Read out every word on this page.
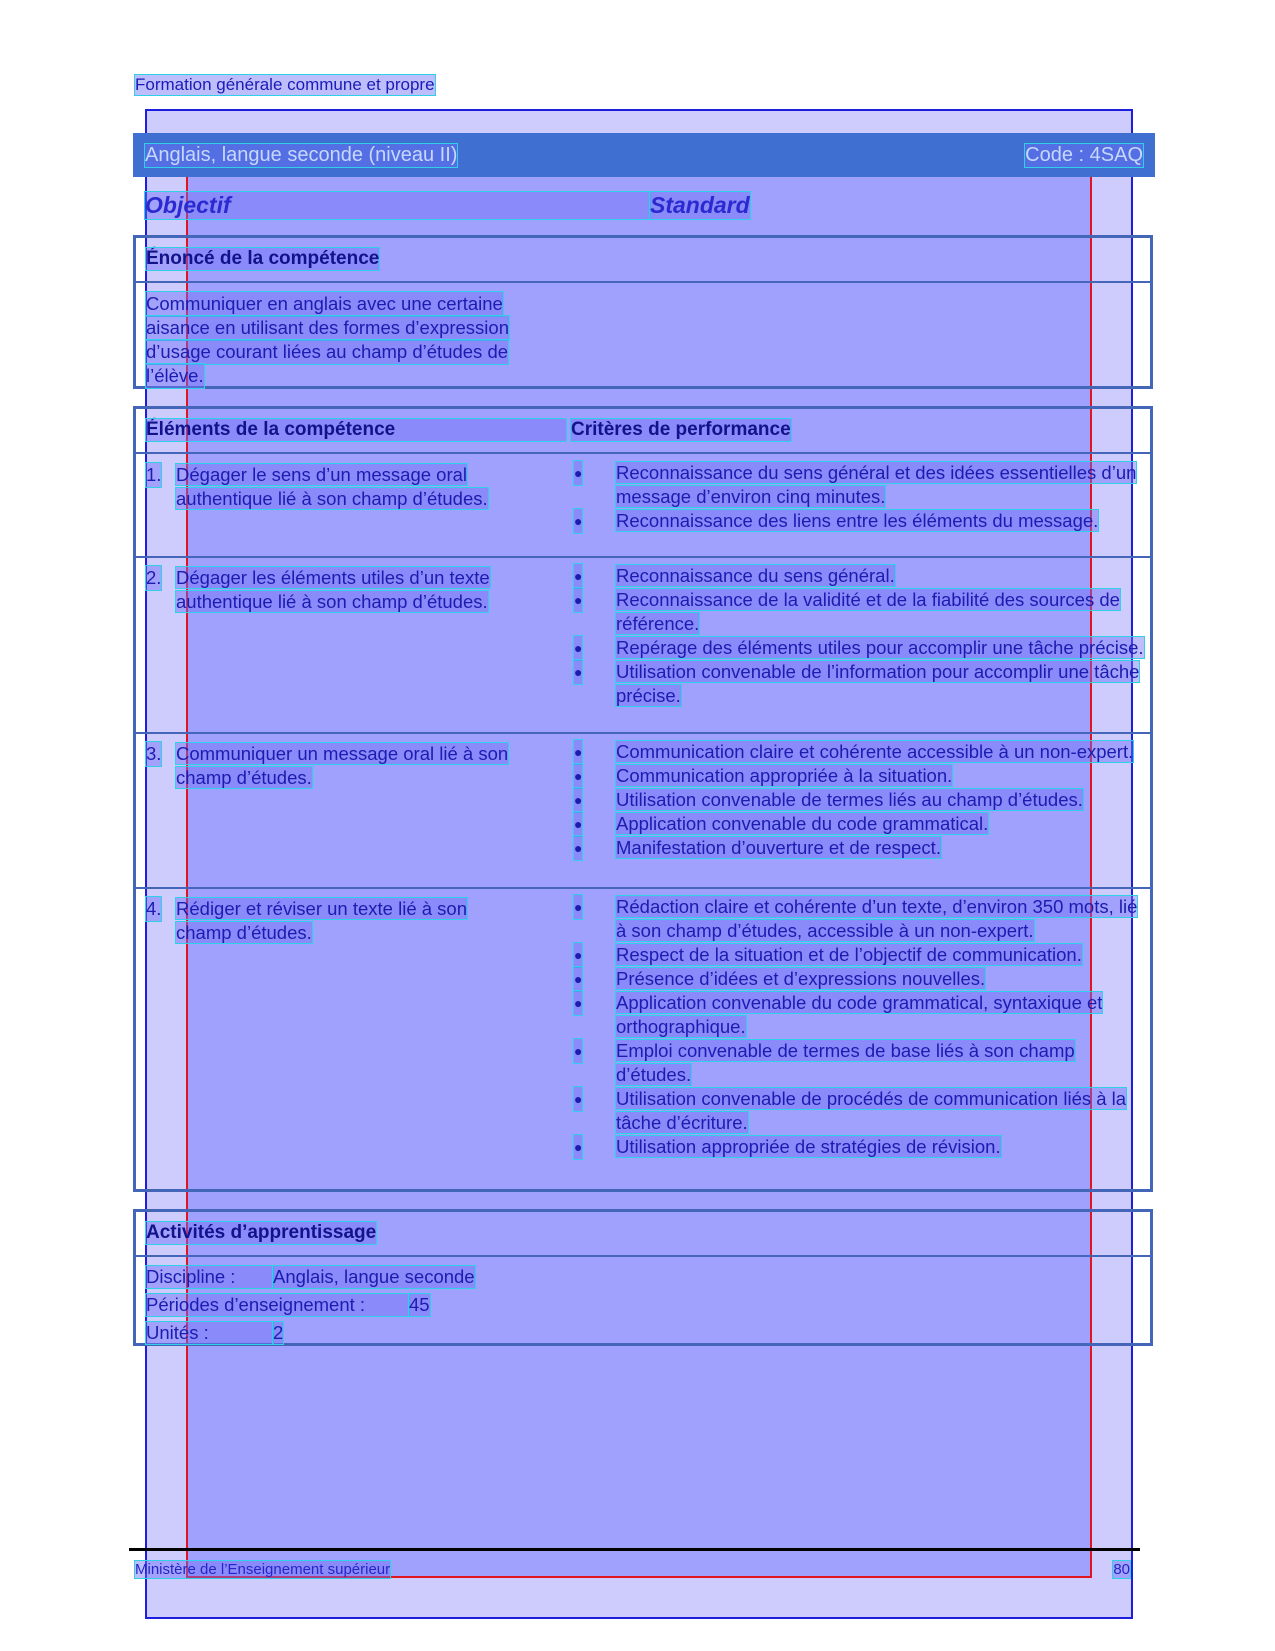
Formation générale commune et propre
Anglais, langue seconde (niveau II)	Code : 4SAQ
Objectif	Standard
Énoncé de la compétence
Communiquer en anglais avec une certaine
aisance en utilisant des formes d’expression
d’usage courant liées au champ d’études de
l’élève.
Éléments de la compétence	Critères de performance
1. Dégager le sens d’un message oral
authentique lié à son champ d’études.
● Reconnaissance du sens général et des idées essentielles d’un message d’environ cinq minutes.
● Reconnaissance des liens entre les éléments du message.
2. Dégager les éléments utiles d’un texte
authentique lié à son champ d’études.
● Reconnaissance du sens général.
● Reconnaissance de la validité et de la fiabilité des sources de référence.
● Repérage des éléments utiles pour accomplir une tâche précise.
● Utilisation convenable de l’information pour accomplir une tâche précise.
3. Communiquer un message oral lié à son
champ d’études.
● Communication claire et cohérente accessible à un non-expert.
● Communication appropriée à la situation.
● Utilisation convenable de termes liés au champ d’études.
● Application convenable du code grammatical.
● Manifestation d’ouverture et de respect.
4. Rédiger et réviser un texte lié à son
champ d’études.
● Rédaction claire et cohérente d’un texte, d’environ 350 mots, lié à son champ d’études, accessible à un non-expert.
● Respect de la situation et de l’objectif de communication.
● Présence d’idées et d’expressions nouvelles.
● Application convenable du code grammatical, syntaxique et orthographique.
● Emploi convenable de termes de base liés à son champ d’études.
● Utilisation convenable de procédés de communication liés à la tâche d’écriture.
● Utilisation appropriée de stratégies de révision.
Activités d’apprentissage
Discipline : Anglais, langue seconde
Périodes d’enseignement : 45
Unités :	2
Ministère de l’Enseignement supérieur	80
